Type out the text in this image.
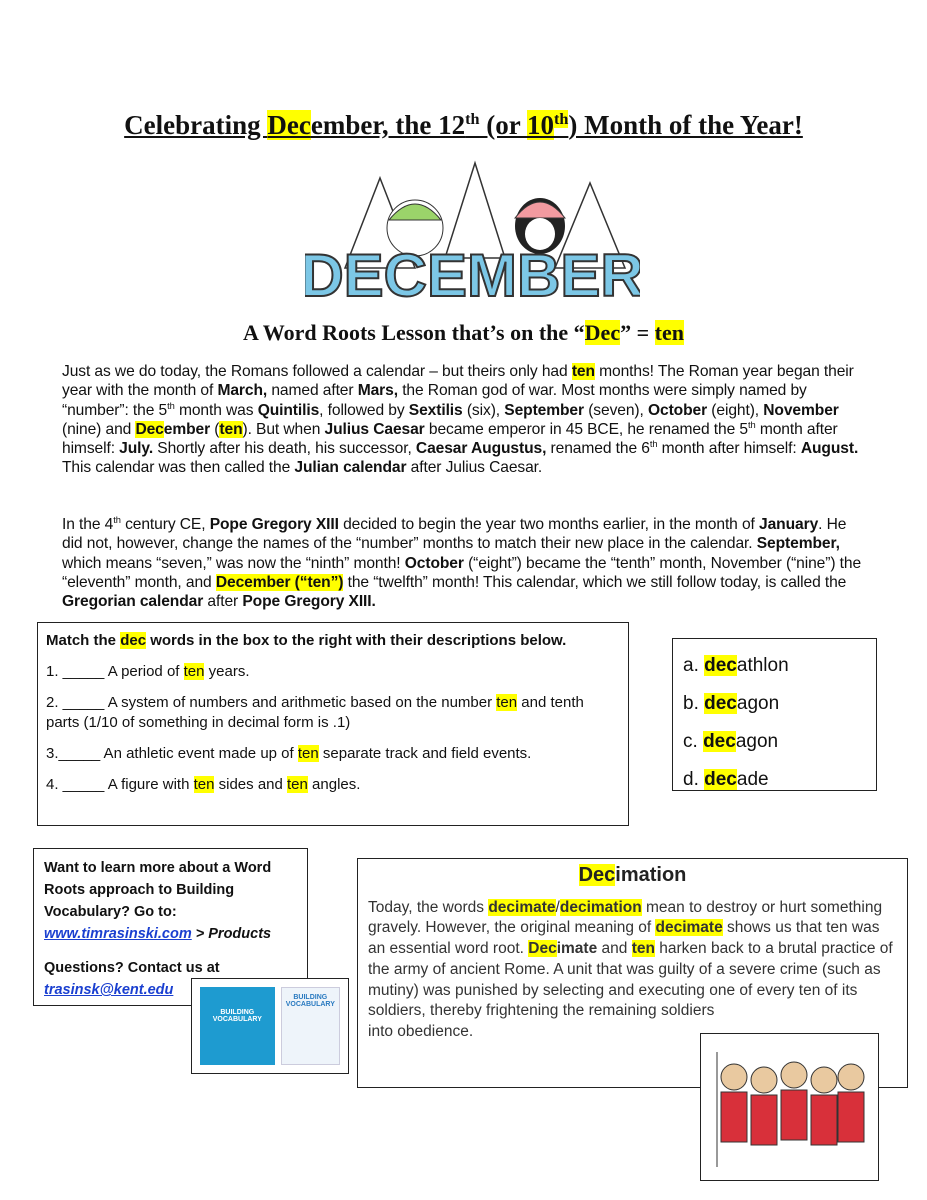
Celebrating December, the 12th (or 10th) Month of the Year!
DECEMBER
A Word Roots Lesson that’s on the “Dec” = ten
Just as we do today, the Romans followed a calendar – but theirs only had ten months! The Roman year began their year with the month of March, named after Mars, the Roman god of war. Most months were simply named by “number”: the 5th month was Quintilis, followed by Sextilis (six), September (seven), October (eight), November (nine) and December (ten). But when Julius Caesar became emperor in 45 BCE, he renamed the 5th month after himself: July. Shortly after his death, his successor, Caesar Augustus, renamed the 6th month after himself: August. This calendar was then called the Julian calendar after Julius Caesar.
In the 4th century CE, Pope Gregory XIII decided to begin the year two months earlier, in the month of January. He did not, however, change the names of the “number” months to match their new place in the calendar. September, which means “seven,” was now the “ninth” month! October (“eight”) became the “tenth” month, November (“nine”) the “eleventh” month, and December (“ten”) the “twelfth” month! This calendar, which we still follow today, is called the Gregorian calendar after Pope Gregory XIII.
Match the dec words in the box to the right with their descriptions below.
1. _____ A period of ten years.
2. _____ A system of numbers and arithmetic based on the number ten and tenth parts (1/10 of something in decimal form is .1)
3._____ An athletic event made up of ten separate track and field events.
4. _____ A figure with ten sides and ten angles.
a. decathlon
b. decagon
c. decagon
d. decade
Want to learn more about a Word Roots approach to Building Vocabulary? Go to:
www.timrasinski.com > Products
Questions? Contact us at
trasinsk@kent.edu
BUILDING VOCABULARY
BUILDING VOCABULARY
Decimation
Today, the words decimate/decimation mean to destroy or hurt something gravely. However, the original meaning of decimate shows us that ten was an essential word root. Decimate and ten harken back to a brutal practice of the army of ancient Rome. A unit that was guilty of a severe crime (such as mutiny) was punished by selecting and executing one of every ten of its soldiers, thereby frightening the remaining soldiers
into obedience.
